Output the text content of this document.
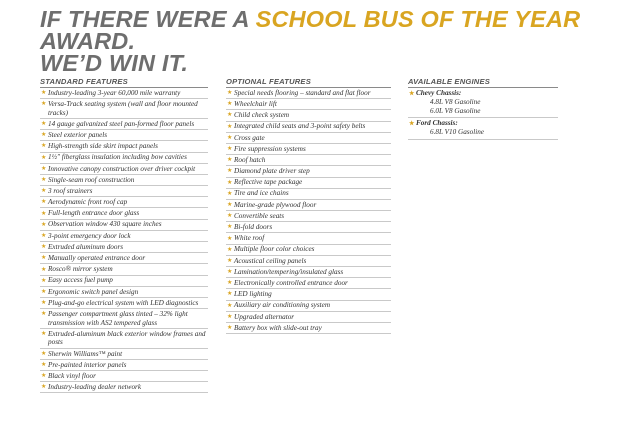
IF THERE WERE A SCHOOL BUS OF THE YEAR AWARD.
WE’D WIN IT.
STANDARD FEATURES
★ Industry-leading 3-year 60,000 mile warranty
★ Versa-Track seating system (wall and floor mounted tracks)
★ 14 gauge galvanized steel pan-formed floor panels
★ Steel exterior panels
★ High-strength side skirt impact panels
★ 1½″ fiberglass insulation including bow cavities
★ Innovative canopy construction over driver cockpit
★ Single-seam roof construction
★ 3 roof strainers
★ Aerodynamic front roof cap
★ Full-length entrance door glass
★ Observation window 430 square inches
★ 3-point emergency door lock
★ Extruded aluminum doors
★ Manually operated entrance door
★ Rosco® mirror system
★ Easy access fuel pump
★ Ergonomic switch panel design
★ Plug-and-go electrical system with LED diagnostics
★ Passenger compartment glass tinted – 32% light transmission with AS2 tempered glass
★ Extruded-aluminum black exterior window frames and posts
★ Sherwin Williams™ paint
★ Pre-painted interior panels
★ Black vinyl floor
★ Industry-leading dealer network
OPTIONAL FEATURES
★ Special needs flooring – standard and flat floor
★ Wheelchair lift
★ Child check system
★ Integrated child seats and 3-point safety belts
★ Cross gate
★ Fire suppression systems
★ Roof hatch
★ Diamond plate driver step
★ Reflective tape package
★ Tire and ice chains
★ Marine-grade plywood floor
★ Convertible seats
★ Bi-fold doors
★ White roof
★ Multiple floor color choices
★ Acoustical ceiling panels
★ Lamination/tempering/insulated glass
★ Electronically controlled entrance door
★ LED lighting
★ Auxiliary air conditioning system
★ Upgraded alternator
★ Battery box with slide-out tray
AVAILABLE ENGINES
★ Chevy Chassis:
4.8L V8 Gasoline
6.0L V8 Gasoline
★ Ford Chassis:
6.8L V10 Gasoline
